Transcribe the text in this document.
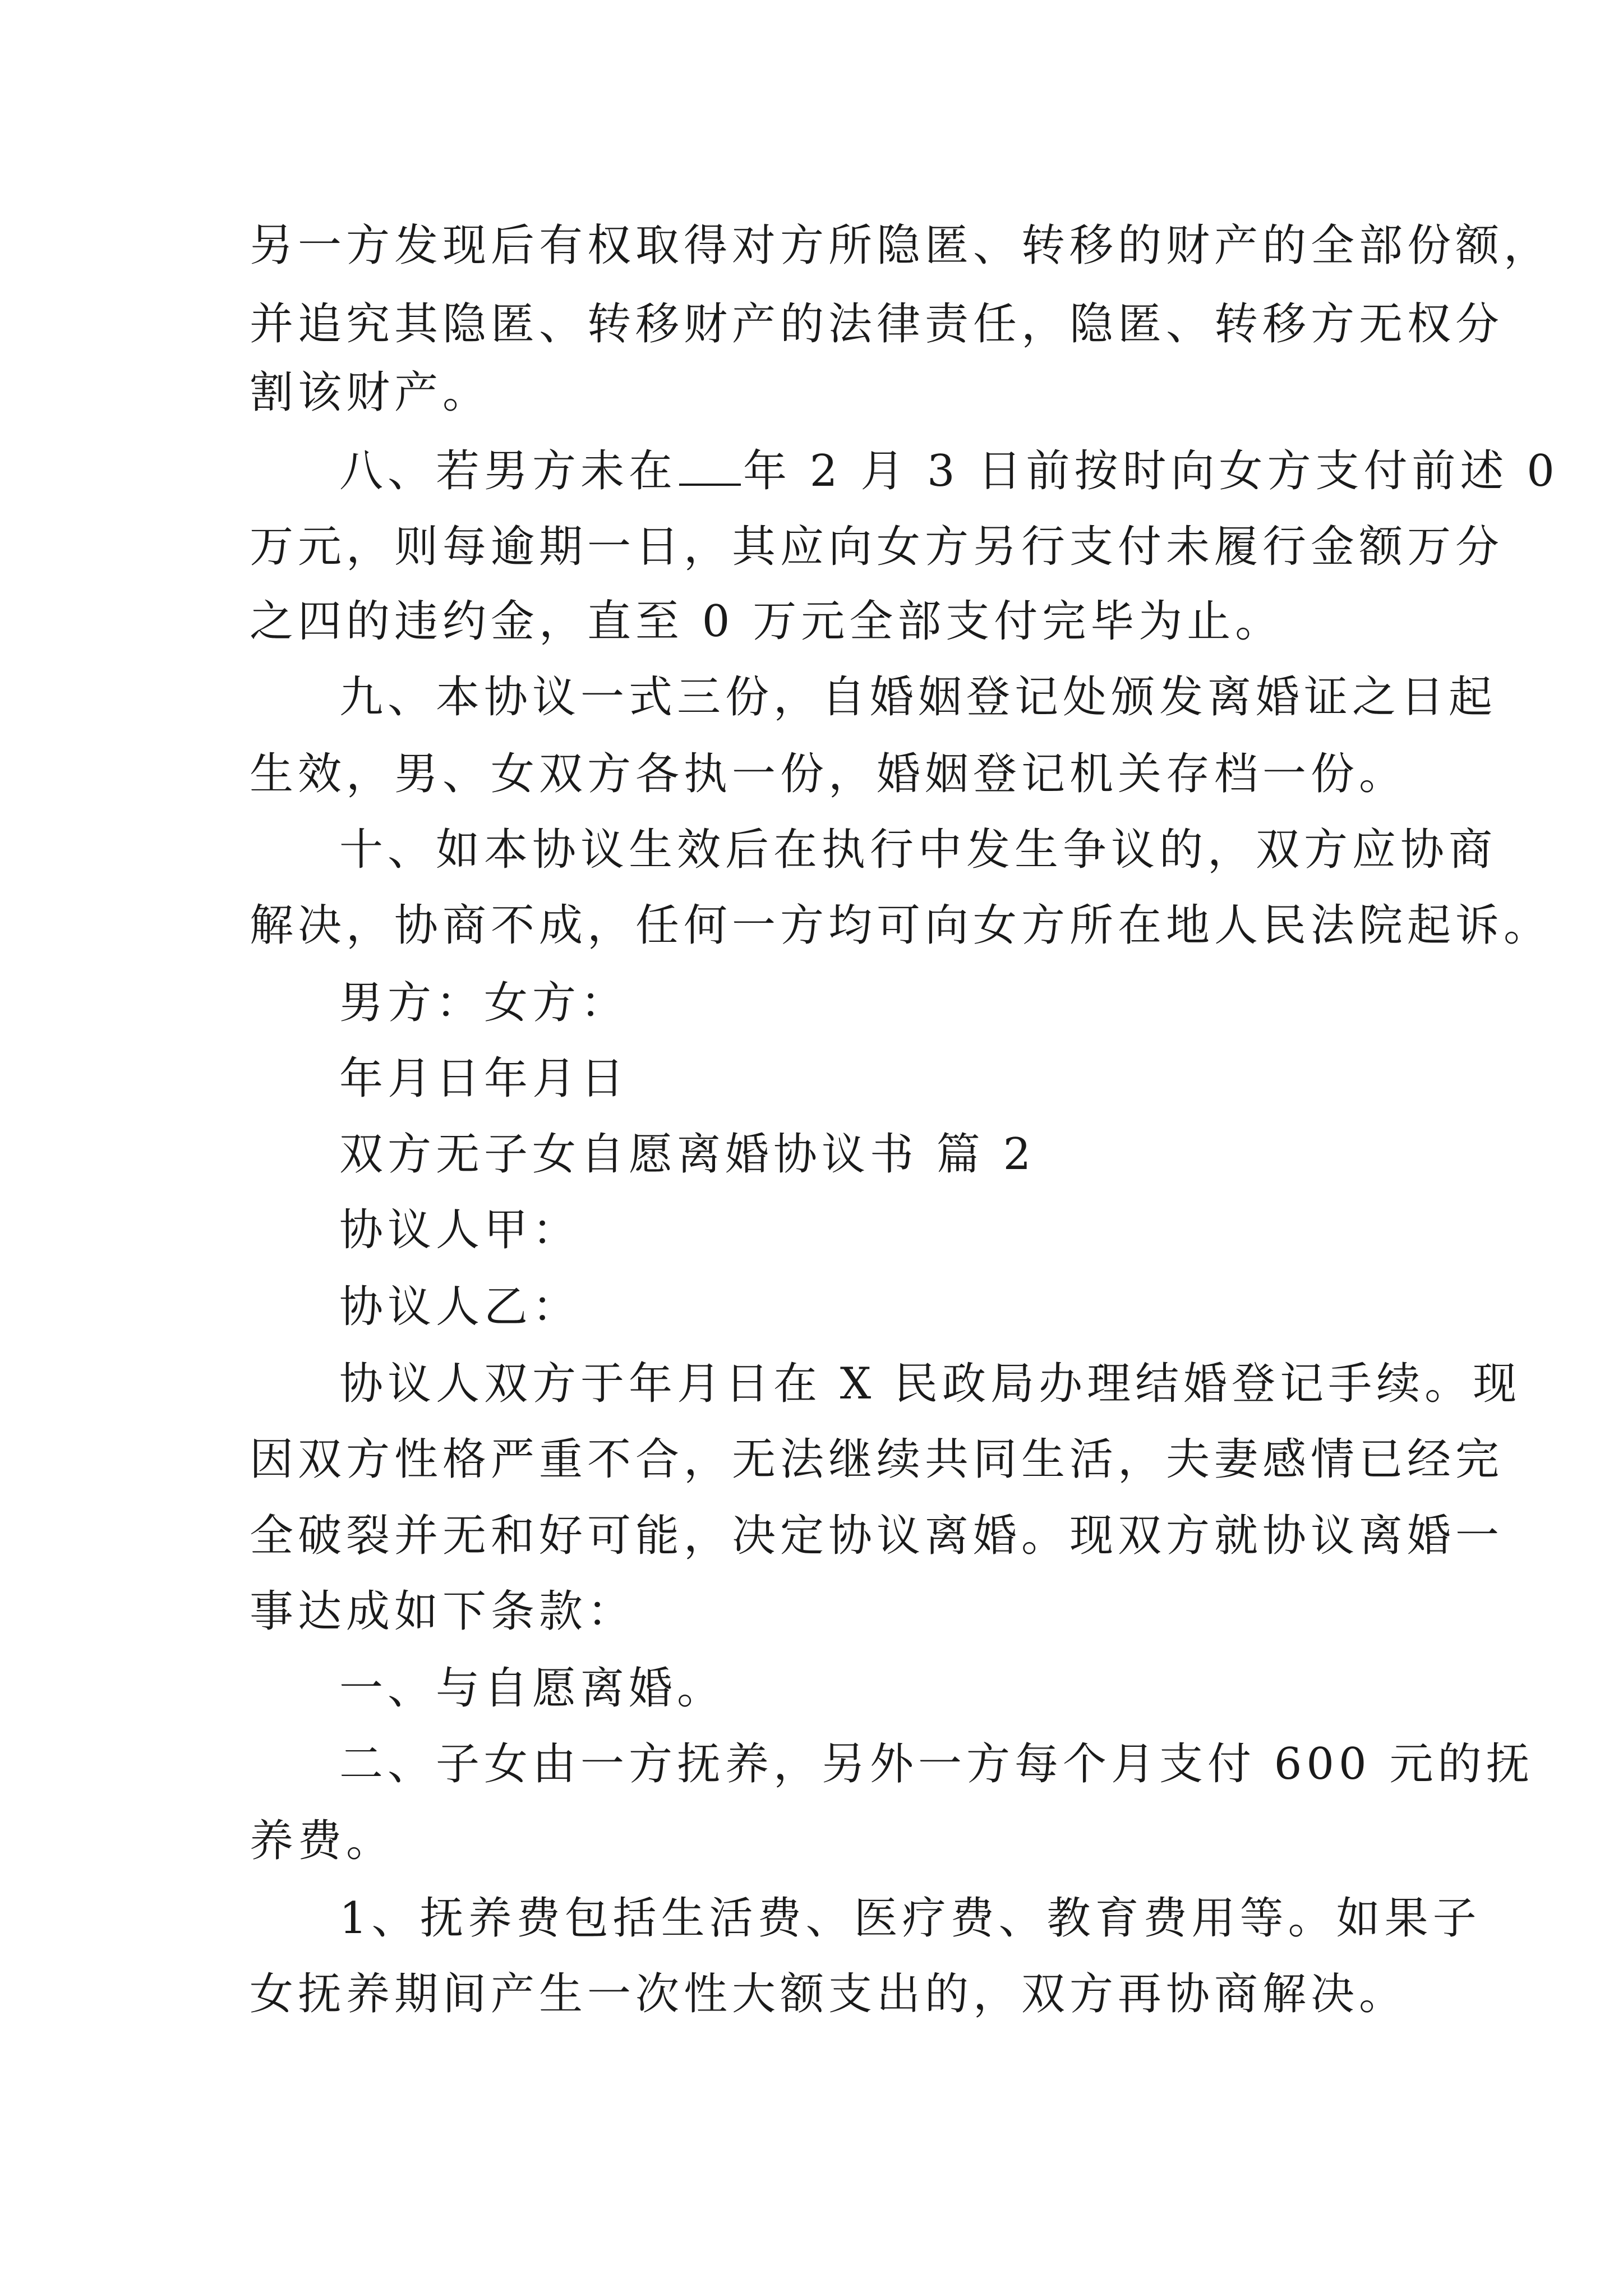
另一方发现后有权取得对方所隐匿、转移的财产的全部份额，
并追究其隐匿、转移财产的法律责任，隐匿、转移方无权分
割该财产。
八、若男方未在 年 2 月 3 日前按时向女方支付前述 0
万元，则每逾期一日，其应向女方另行支付未履行金额万分
之四的违约金，直至 0 万元全部支付完毕为止。
九、本协议一式三份，自婚姻登记处颁发离婚证之日起
生效，男、女双方各执一份，婚姻登记机关存档一份。
十、如本协议生效后在执行中发生争议的，双方应协商
解决，协商不成，任何一方均可向女方所在地人民法院起诉。
男方：女方：
年月日年月日
双方无子女自愿离婚协议书 篇 2
协议人甲：
协议人乙：
协议人双方于年月日在 X 民政局办理结婚登记手续。现
因双方性格严重不合，无法继续共同生活，夫妻感情已经完
全破裂并无和好可能，决定协议离婚。现双方就协议离婚一
事达成如下条款：
一、与自愿离婚。
二、子女由一方抚养，另外一方每个月支付 600 元的抚
养费。
1、抚养费包括生活费、医疗费、教育费用等。如果子
女抚养期间产生一次性大额支出的，双方再协商解决。
